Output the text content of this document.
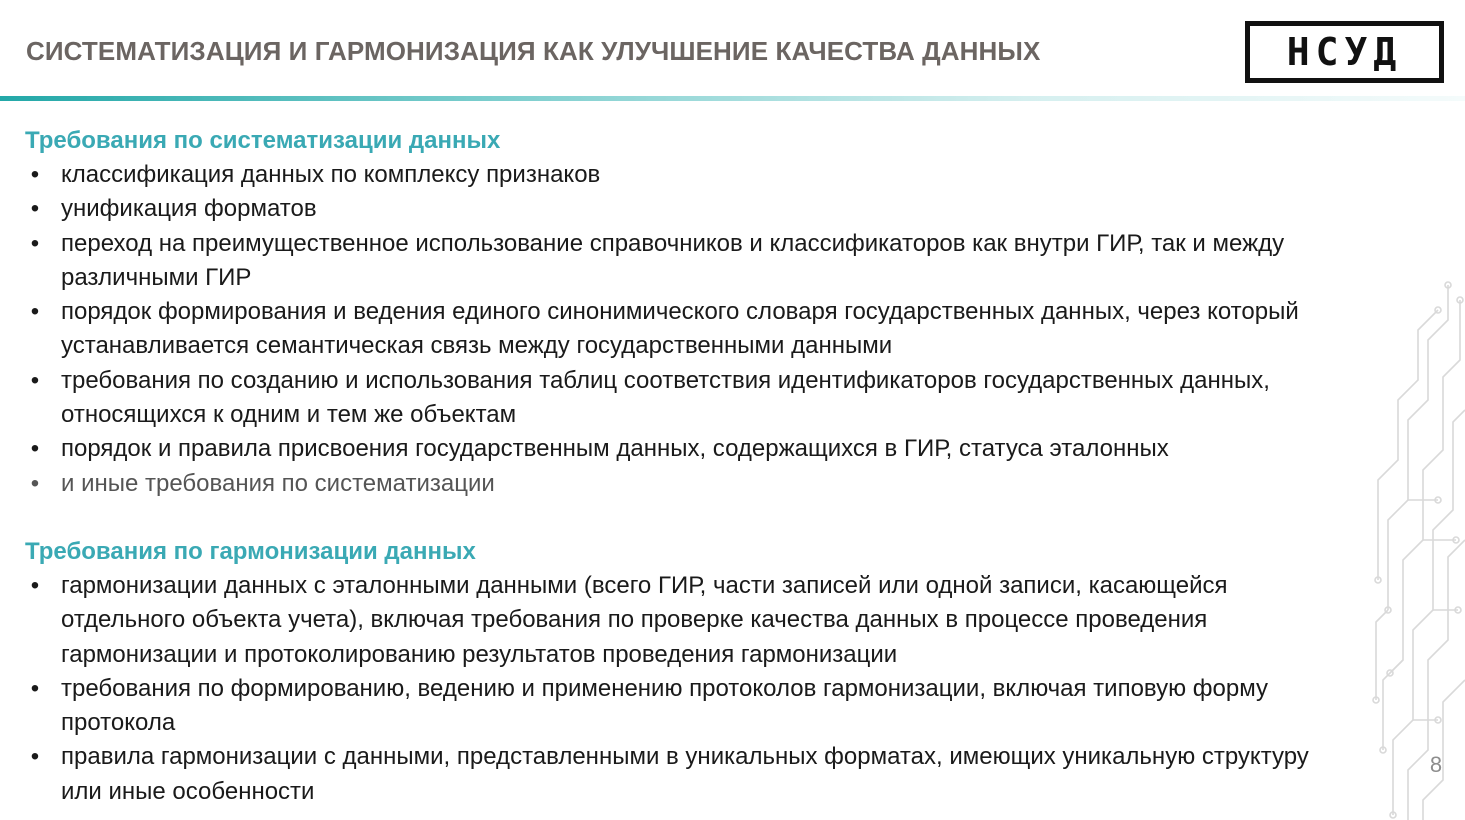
СИСТЕМАТИЗАЦИЯ И ГАРМОНИЗАЦИЯ КАК УЛУЧШЕНИЕ КАЧЕСТВА ДАННЫХ	НСУД
Требования по систематизации данных
• классификация данных по комплексу признаков
• унификация форматов
• переход на преимущественное использование справочников и классификаторов как внутри ГИР, так и между различными ГИР
• порядок формирования и ведения единого синонимического словаря государственных данных, через который устанавливается семантическая связь между государственными данными
• требования по созданию и использования таблиц соответствия идентификаторов государственных данных, относящихся к одним и тем же объектам
• порядок и правила присвоения государственным данных, содержащихся в ГИР, статуса эталонных
• и иные требования по систематизации
Требования по гармонизации данных
• гармонизации данных с эталонными данными (всего ГИР, части записей или одной записи, касающейся отдельного объекта учета), включая требования по проверке качества данных в процессе проведения гармонизации и протоколированию результатов проведения гармонизации
• требования по формированию, ведению и применению протоколов гармонизации, включая типовую форму протокола
• правила гармонизации с данными, представленными в уникальных форматах, имеющих уникальную структуру или иные особенности
8
